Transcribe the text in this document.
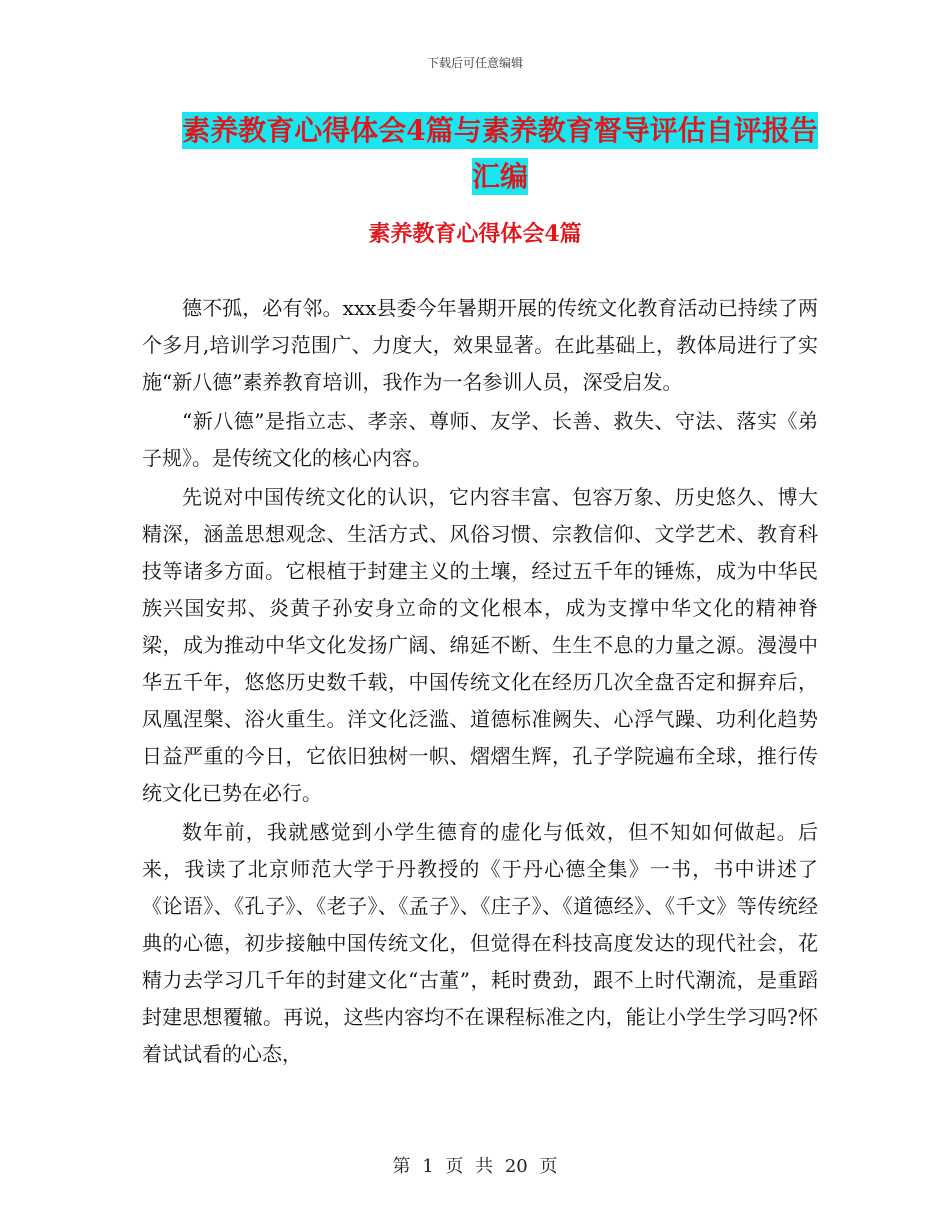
下载后可任意编辑
素养教育心得体会4篇与素养教育督导评估自评报告
汇编
素养教育心得体会4篇

德不孤，必有邻。xxx县委今年暑期开展的传统文化教育活动已持续了两个多月,培训学习范围广、力度大，效果显著。在此基础上，教体局进行了实施“新八德”素养教育培训，我作为一名参训人员，深受启发。

“新八德”是指立志、孝亲、尊师、友学、长善、救失、守法、落实《弟子规》。是传统文化的核心内容。

先说对中国传统文化的认识，它内容丰富、包容万象、历史悠久、博大精深，涵盖思想观念、生活方式、风俗习惯、宗教信仰、文学艺术、教育科技等诸多方面。它根植于封建主义的土壤，经过五千年的锤炼，成为中华民族兴国安邦、炎黄子孙安身立命的文化根本，成为支撑中华文化的精神脊梁，成为推动中华文化发扬广阔、绵延不断、生生不息的力量之源。漫漫中华五千年，悠悠历史数千载，中国传统文化在经历几次全盘否定和摒弃后，凤凰涅槃、浴火重生。洋文化泛滥、道德标准阙失、心浮气躁、功利化趋势日益严重的今日，它依旧独树一帜、熠熠生辉，孔子学院遍布全球，推行传统文化已势在必行。

数年前，我就感觉到小学生德育的虚化与低效，但不知如何做起。后来，我读了北京师范大学于丹教授的《于丹心德全集》一书，书中讲述了《论语》、《孔子》、《老子》、《孟子》、《庄子》、《道德经》、《千文》等传统经典的心德，初步接触中国传统文化，但觉得在科技高度发达的现代社会，花精力去学习几千年的封建文化“古董”，耗时费劲，跟不上时代潮流，是重蹈封建思想覆辙。再说，这些内容均不在课程标准之内，能让小学生学习吗?怀着试试看的心态，

第 1 页 共 20 页
